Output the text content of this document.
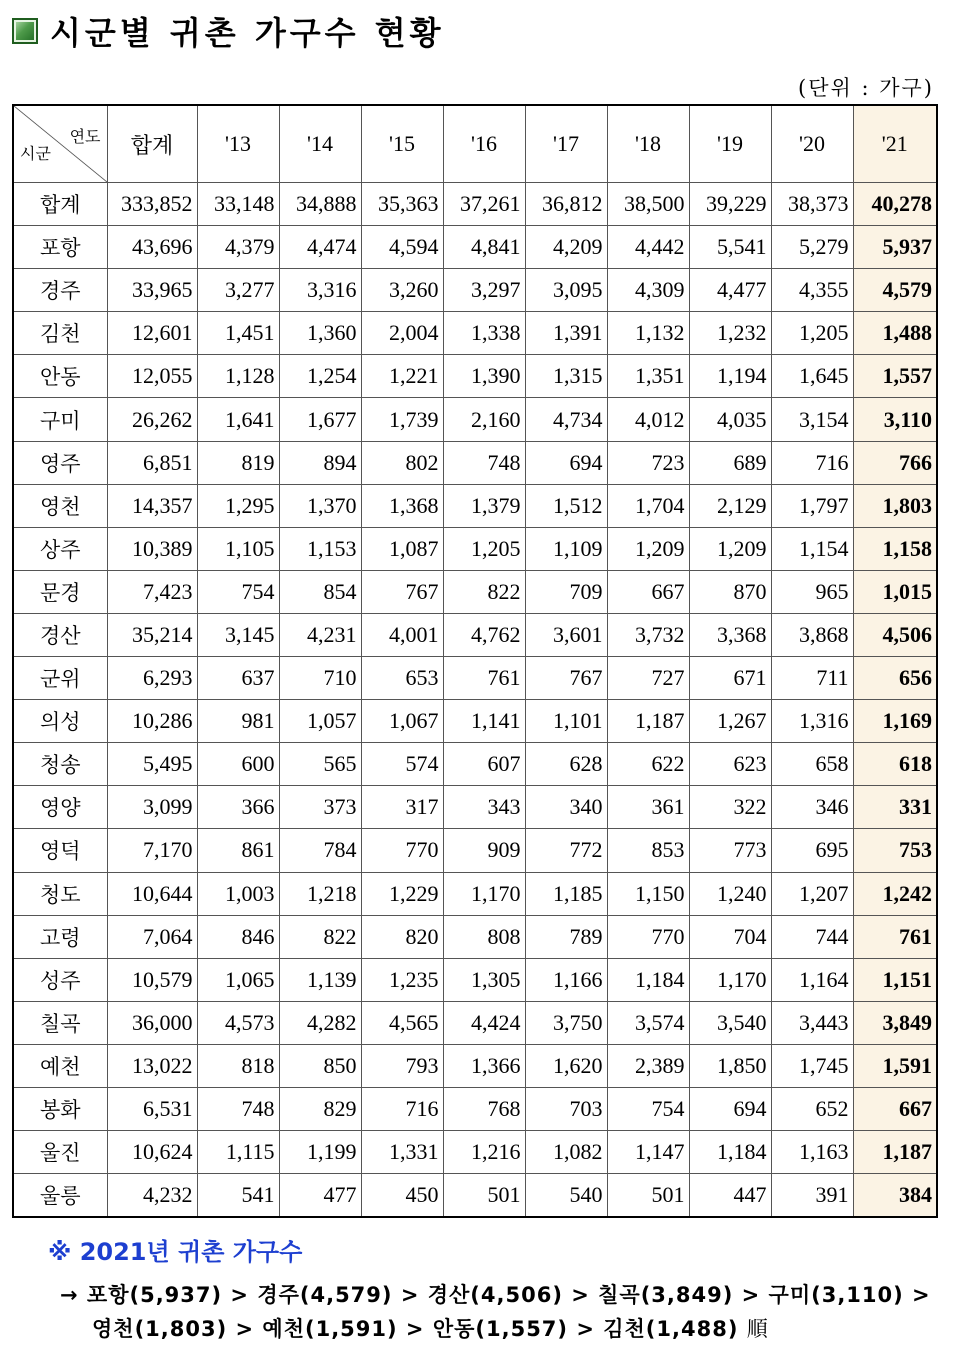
시군별 귀촌 가구수 현황
(단위 : 가구)
연도
시군	합계	'13	'14	'15	'16	'17	'18	'19	'20	'21
합계	333,852	33,148	34,888	35,363	37,261	36,812	38,500	39,229	38,373	40,278
포항	43,696	4,379	4,474	4,594	4,841	4,209	4,442	5,541	5,279	5,937
경주	33,965	3,277	3,316	3,260	3,297	3,095	4,309	4,477	4,355	4,579
김천	12,601	1,451	1,360	2,004	1,338	1,391	1,132	1,232	1,205	1,488
안동	12,055	1,128	1,254	1,221	1,390	1,315	1,351	1,194	1,645	1,557
구미	26,262	1,641	1,677	1,739	2,160	4,734	4,012	4,035	3,154	3,110
영주	6,851	819	894	802	748	694	723	689	716	766
영천	14,357	1,295	1,370	1,368	1,379	1,512	1,704	2,129	1,797	1,803
상주	10,389	1,105	1,153	1,087	1,205	1,109	1,209	1,209	1,154	1,158
문경	7,423	754	854	767	822	709	667	870	965	1,015
경산	35,214	3,145	4,231	4,001	4,762	3,601	3,732	3,368	3,868	4,506
군위	6,293	637	710	653	761	767	727	671	711	656
의성	10,286	981	1,057	1,067	1,141	1,101	1,187	1,267	1,316	1,169
청송	5,495	600	565	574	607	628	622	623	658	618
영양	3,099	366	373	317	343	340	361	322	346	331
영덕	7,170	861	784	770	909	772	853	773	695	753
청도	10,644	1,003	1,218	1,229	1,170	1,185	1,150	1,240	1,207	1,242
고령	7,064	846	822	820	808	789	770	704	744	761
성주	10,579	1,065	1,139	1,235	1,305	1,166	1,184	1,170	1,164	1,151
칠곡	36,000	4,573	4,282	4,565	4,424	3,750	3,574	3,540	3,443	3,849
예천	13,022	818	850	793	1,366	1,620	2,389	1,850	1,745	1,591
봉화	6,531	748	829	716	768	703	754	694	652	667
울진	10,624	1,115	1,199	1,331	1,216	1,082	1,147	1,184	1,163	1,187
울릉	4,232	541	477	450	501	540	501	447	391	384
※ 2021년 귀촌 가구수
→ 포항(5,937) > 경주(4,579) > 경산(4,506) > 칠곡(3,849) > 구미(3,110) >
영천(1,803) > 예천(1,591) > 안동(1,557) > 김천(1,488) 順
